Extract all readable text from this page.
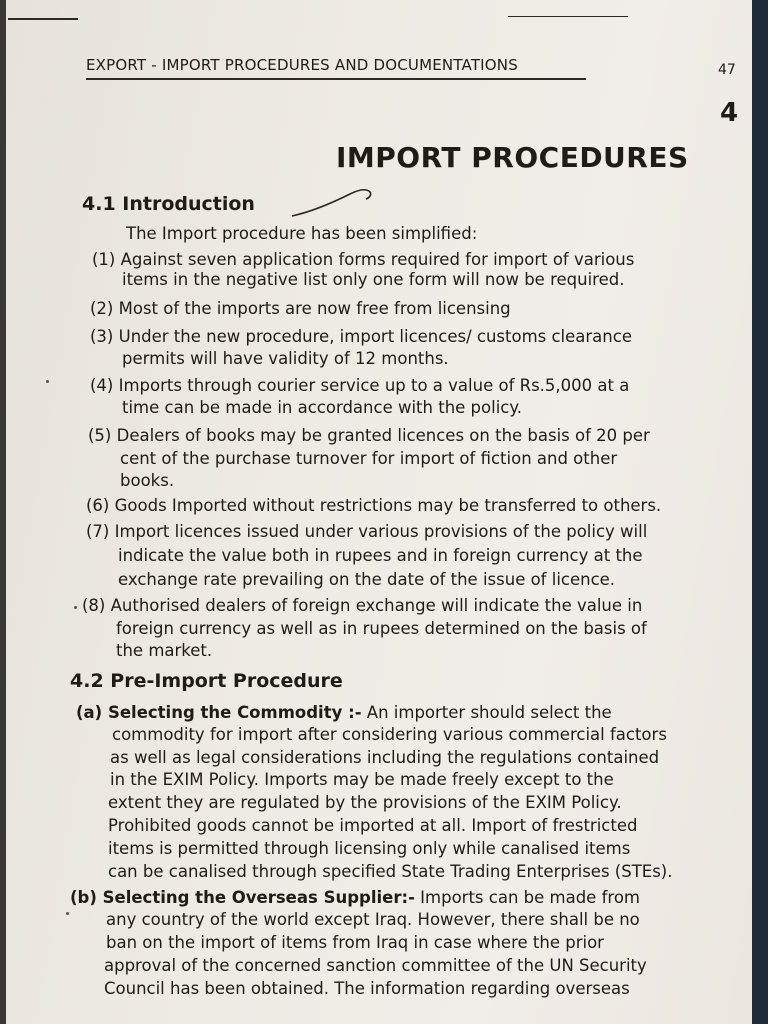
EXPORT - IMPORT PROCEDURES AND DOCUMENTATIONS	47
4
IMPORT PROCEDURES
4.1 Introduction
The Import procedure has been simplified:
(1) Against seven application forms required for import of various
items in the negative list only one form will now be required.
(2) Most of the imports are now free from licensing
(3) Under the new procedure, import licences/ customs clearance
permits will have validity of 12 months.
(4) Imports through courier service up to a value of Rs.5,000 at a
time can be made in accordance with the policy.
(5) Dealers of books may be granted licences on the basis of 20 per
cent of the purchase turnover for import of fiction and other
books.
(6) Goods Imported without restrictions may be transferred to others.
(7) Import licences issued under various provisions of the policy will
indicate the value both in rupees and in foreign currency at the
exchange rate prevailing on the date of the issue of licence.
(8) Authorised dealers of foreign exchange will indicate the value in
foreign currency as well as in rupees determined on the basis of
the market.
4.2 Pre-Import Procedure
(a) Selecting the Commodity :- An importer should select the
commodity for import after considering various commercial factors
as well as legal considerations including the regulations contained
in the EXIM Policy. Imports may be made freely except to the
extent they are regulated by the provisions of the EXIM Policy.
Prohibited goods cannot be imported at all. Import of frestricted
items is permitted through licensing only while canalised items
can be canalised through specified State Trading Enterprises (STEs).
(b) Selecting the Overseas Supplier:- Imports can be made from
any country of the world except Iraq. However, there shall be no
ban on the import of items from Iraq in case where the prior
approval of the concerned sanction committee of the UN Security
Council has been obtained. The information regarding overseas
